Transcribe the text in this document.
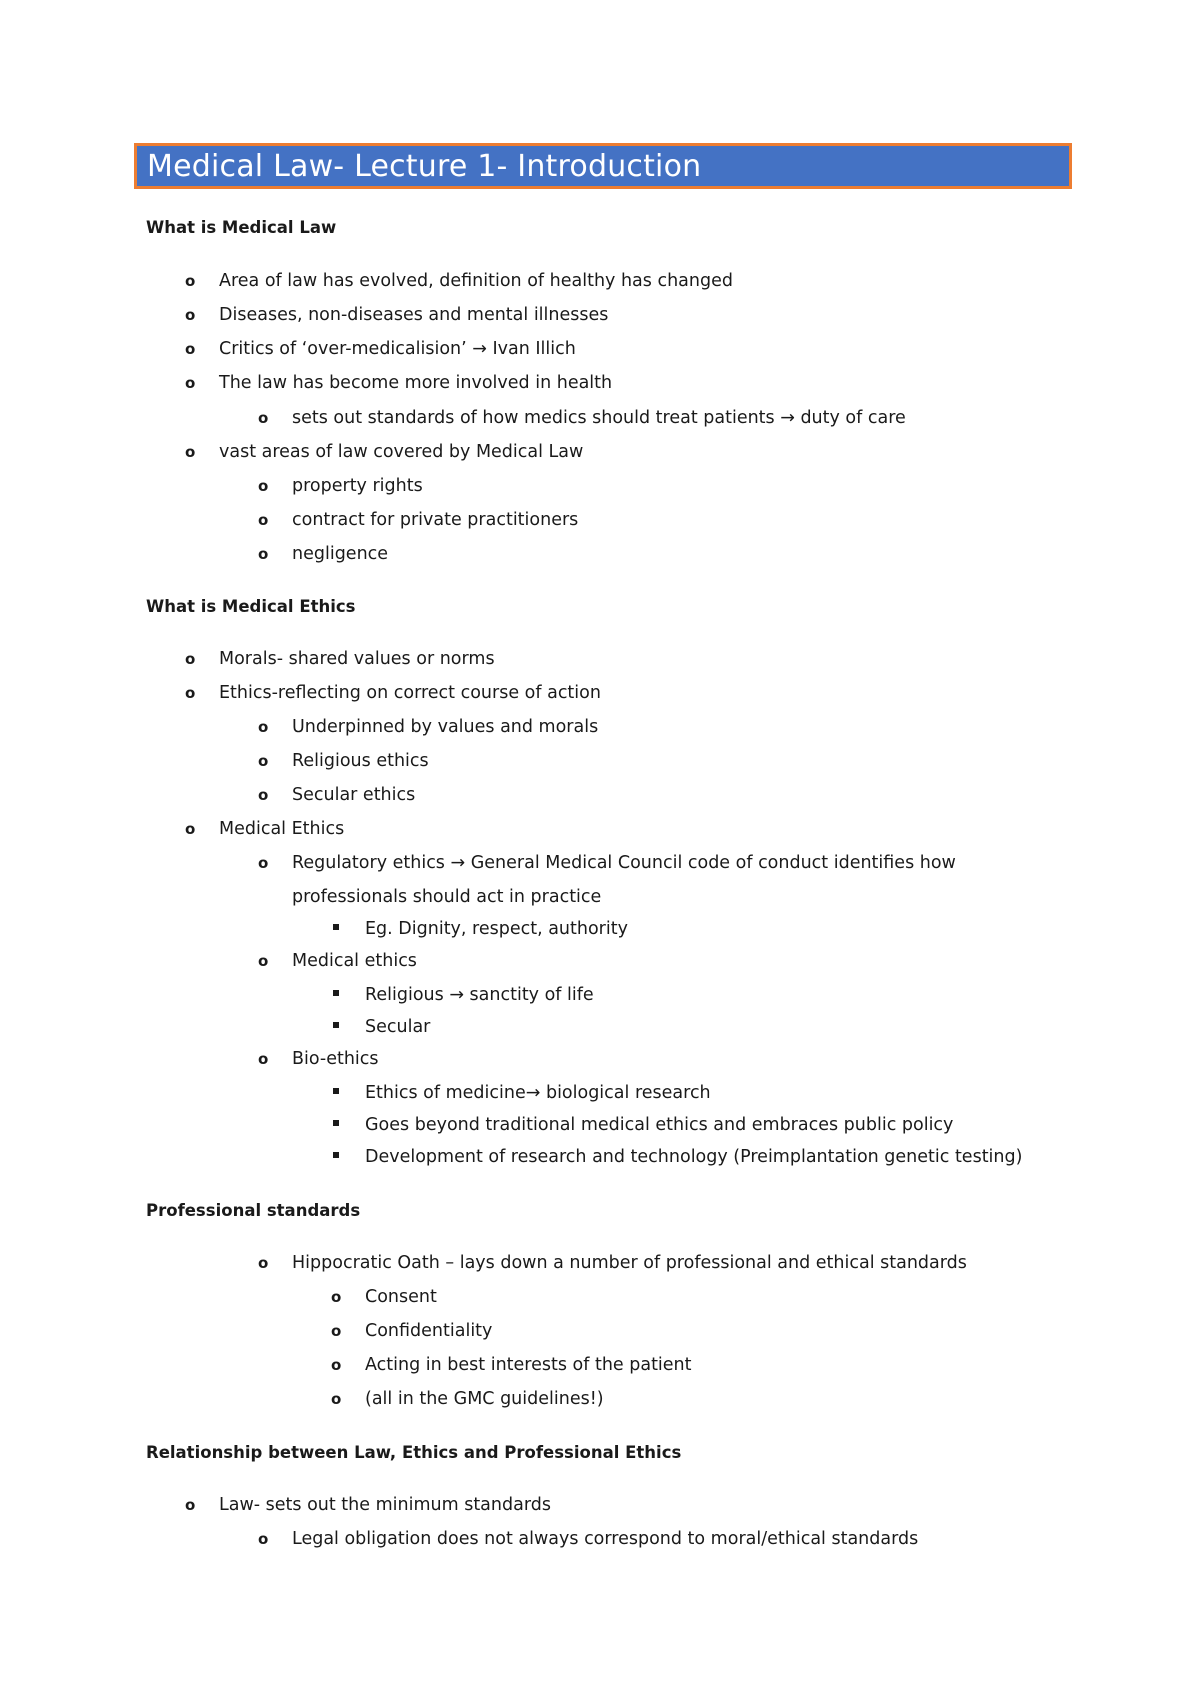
Medical Law- Lecture 1- Introduction
What is Medical Law
o Area of law has evolved, definition of healthy has changed
o Diseases, non-diseases and mental illnesses
o Critics of ‘over-medicalision’ → Ivan Illich
o The law has become more involved in health
o sets out standards of how medics should treat patients → duty of care
o vast areas of law covered by Medical Law
o property rights
o contract for private practitioners
o negligence
What is Medical Ethics
o Morals- shared values or norms
o Ethics-reflecting on correct course of action
o Underpinned by values and morals
o Religious ethics
o Secular ethics
o Medical Ethics
o Regulatory ethics → General Medical Council code of conduct identifies how
professionals should act in practice
Eg. Dignity, respect, authority
o Medical ethics
Religious → sanctity of life
Secular
o Bio-ethics
Ethics of medicine→ biological research
Goes beyond traditional medical ethics and embraces public policy
Development of research and technology (Preimplantation genetic testing)
Professional standards
o Hippocratic Oath – lays down a number of professional and ethical standards
o Consent
o Confidentiality
o Acting in best interests of the patient
o (all in the GMC guidelines!)
Relationship between Law, Ethics and Professional Ethics
o Law- sets out the minimum standards
o Legal obligation does not always correspond to moral/ethical standards
